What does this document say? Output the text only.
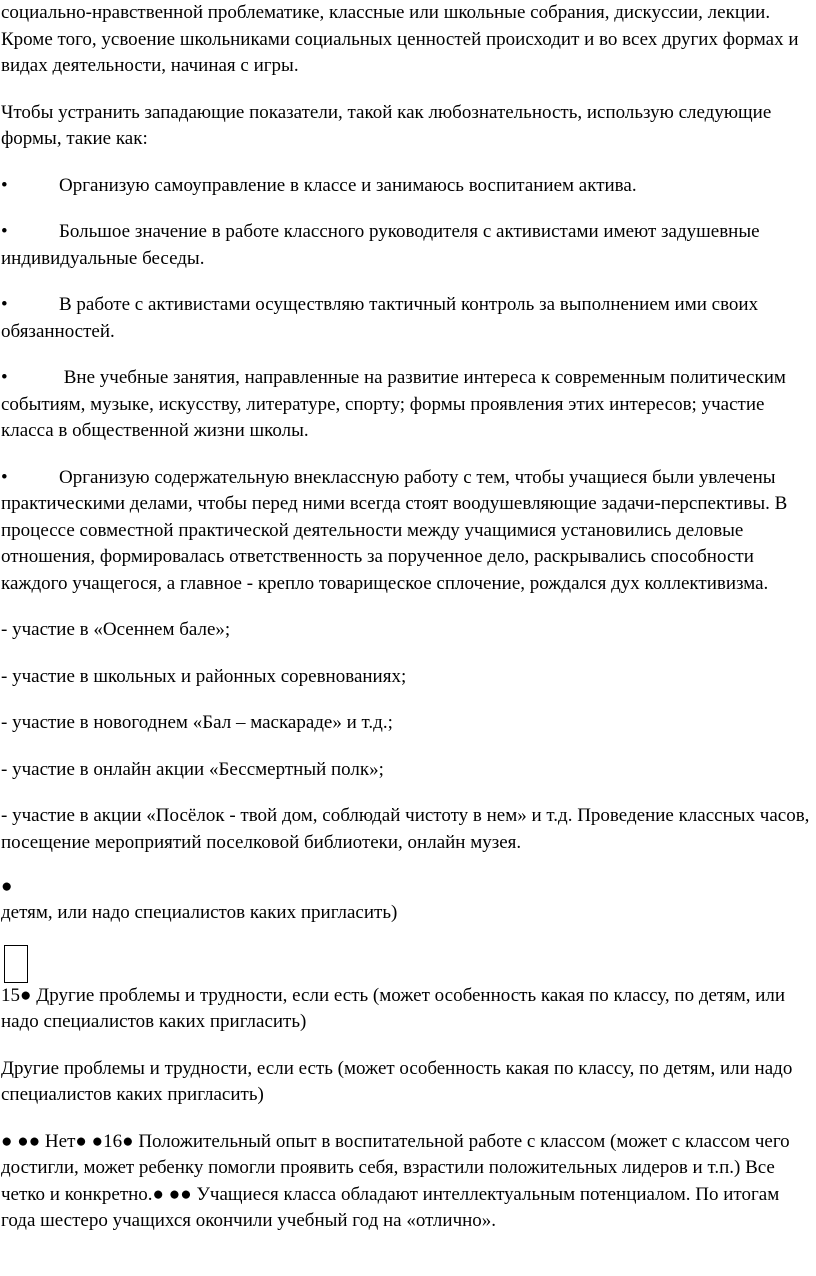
социально-нравственной проблематике, классные или школьные собрания, дискуссии, лекции. Кроме того, усвоение школьниками социальных ценностей происходит и во всех других формах и видах деятельности, начиная с игры.

Чтобы устранить западающие показатели, такой как любознательность, использую следующие формы, такие как:

•	Организую самоуправление в классе и занимаюсь воспитанием актива.

•	Большое значение в работе классного руководителя с активистами имеют задушевные индивидуальные беседы.

•	В работе с активистами осуществляю тактичный контроль за выполнением ими своих обязанностей.

•	Вне учебные занятия, направленные на развитие интереса к современным политическим событиям, музыке, искусству, литературе, спорту; формы проявления этих интересов; участие класса в общественной жизни школы.

•	Организую содержательную внеклассную работу с тем, чтобы учащиеся были увлечены практическими делами, чтобы перед ними всегда стоят воодушевляющие задачи-перспективы. В процессе совместной практической деятельности между учащимися установились деловые отношения, формировалась ответственность за порученное дело, раскрывались способности каждого учащегося, а главное - крепло товарищеское сплочение, рождался дух коллективизма.

- участие в «Осеннем бале»;

- участие в школьных и районных соревнованиях;

- участие в новогоднем «Бал – маскараде» и т.д.;

- участие в онлайн акции «Бессмертный полк»;

- участие в акции «Посёлок - твой дом, соблюдай чистоту в нем» и т.д. Проведение классных часов, посещение мероприятий поселковой библиотеки, онлайн музея.

●

детям, или надо специалистов каких пригласить)

15● Другие проблемы и трудности, если есть (может особенность какая по классу, по детям, или надо специалистов каких пригласить)

Другие проблемы и трудности, если есть (может особенность какая по классу, по детям, или надо специалистов каких пригласить)

● ●● Нет● ●16● Положительный опыт в воспитательной работе с классом (может с классом чего достигли, может ребенку помогли проявить себя, взрастили положительных лидеров и т.п.) Все четко и конкретно.● ●● Учащиеся класса обладают интеллектуальным потенциалом. По итогам года шестеро учащихся окончили учебный год на «отлично».
